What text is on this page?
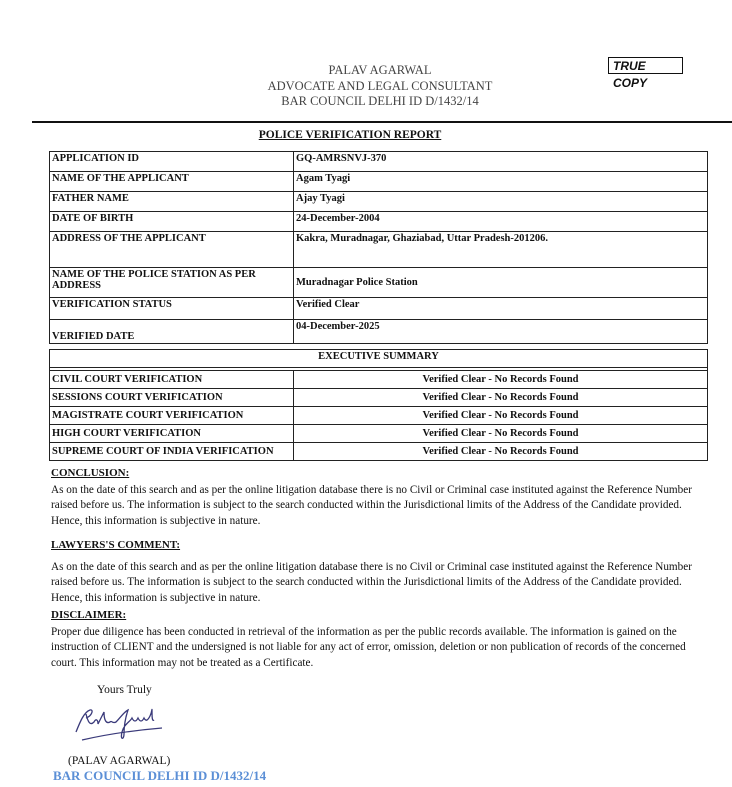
PALAV AGARWAL
ADVOCATE AND LEGAL CONSULTANT
BAR COUNCIL DELHI ID D/1432/14
TRUE COPY
POLICE VERIFICATION REPORT
APPLICATION ID	GQ-AMRSNVJ-370
NAME OF THE APPLICANT	Agam Tyagi
FATHER NAME	Ajay Tyagi
DATE OF BIRTH	24-December-2004
ADDRESS OF THE APPLICANT	Kakra, Muradnagar, Ghaziabad, Uttar Pradesh-201206.
NAME OF THE POLICE STATION AS PER ADDRESS	Muradnagar Police Station
VERIFICATION STATUS	Verified Clear
VERIFIED DATE	04-December-2025
EXECUTIVE SUMMARY	

CIVIL COURT VERIFICATION	Verified Clear - No Records Found
SESSIONS COURT VERIFICATION	Verified Clear - No Records Found
MAGISTRATE COURT VERIFICATION	Verified Clear - No Records Found
HIGH COURT VERIFICATION	Verified Clear - No Records Found
SUPREME COURT OF INDIA VERIFICATION	Verified Clear - No Records Found
CONCLUSION:

As on the date of this search and as per the online litigation database there is no Civil or Criminal case instituted against the Reference Number raised before us. The information is subject to the search conducted within the Jurisdictional limits of the Address of the Candidate provided. Hence, this information is subjective in nature.

LAWYERS'S COMMENT:

As on the date of this search and as per the online litigation database there is no Civil or Criminal case instituted against the Reference Number raised before us. The information is subject to the search conducted within the Jurisdictional limits of the Address of the Candidate provided. Hence, this information is subjective in nature.

DISCLAIMER:

Proper due diligence has been conducted in retrieval of the information as per the public records available. The information is gained on the instruction of CLIENT and the undersigned is not liable for any act of error, omission, deletion or non publication of records of the concerned court. This information may not be treated as a Certificate.

Yours Truly
(PALAV AGARWAL)
BAR COUNCIL DELHI ID D/1432/14
